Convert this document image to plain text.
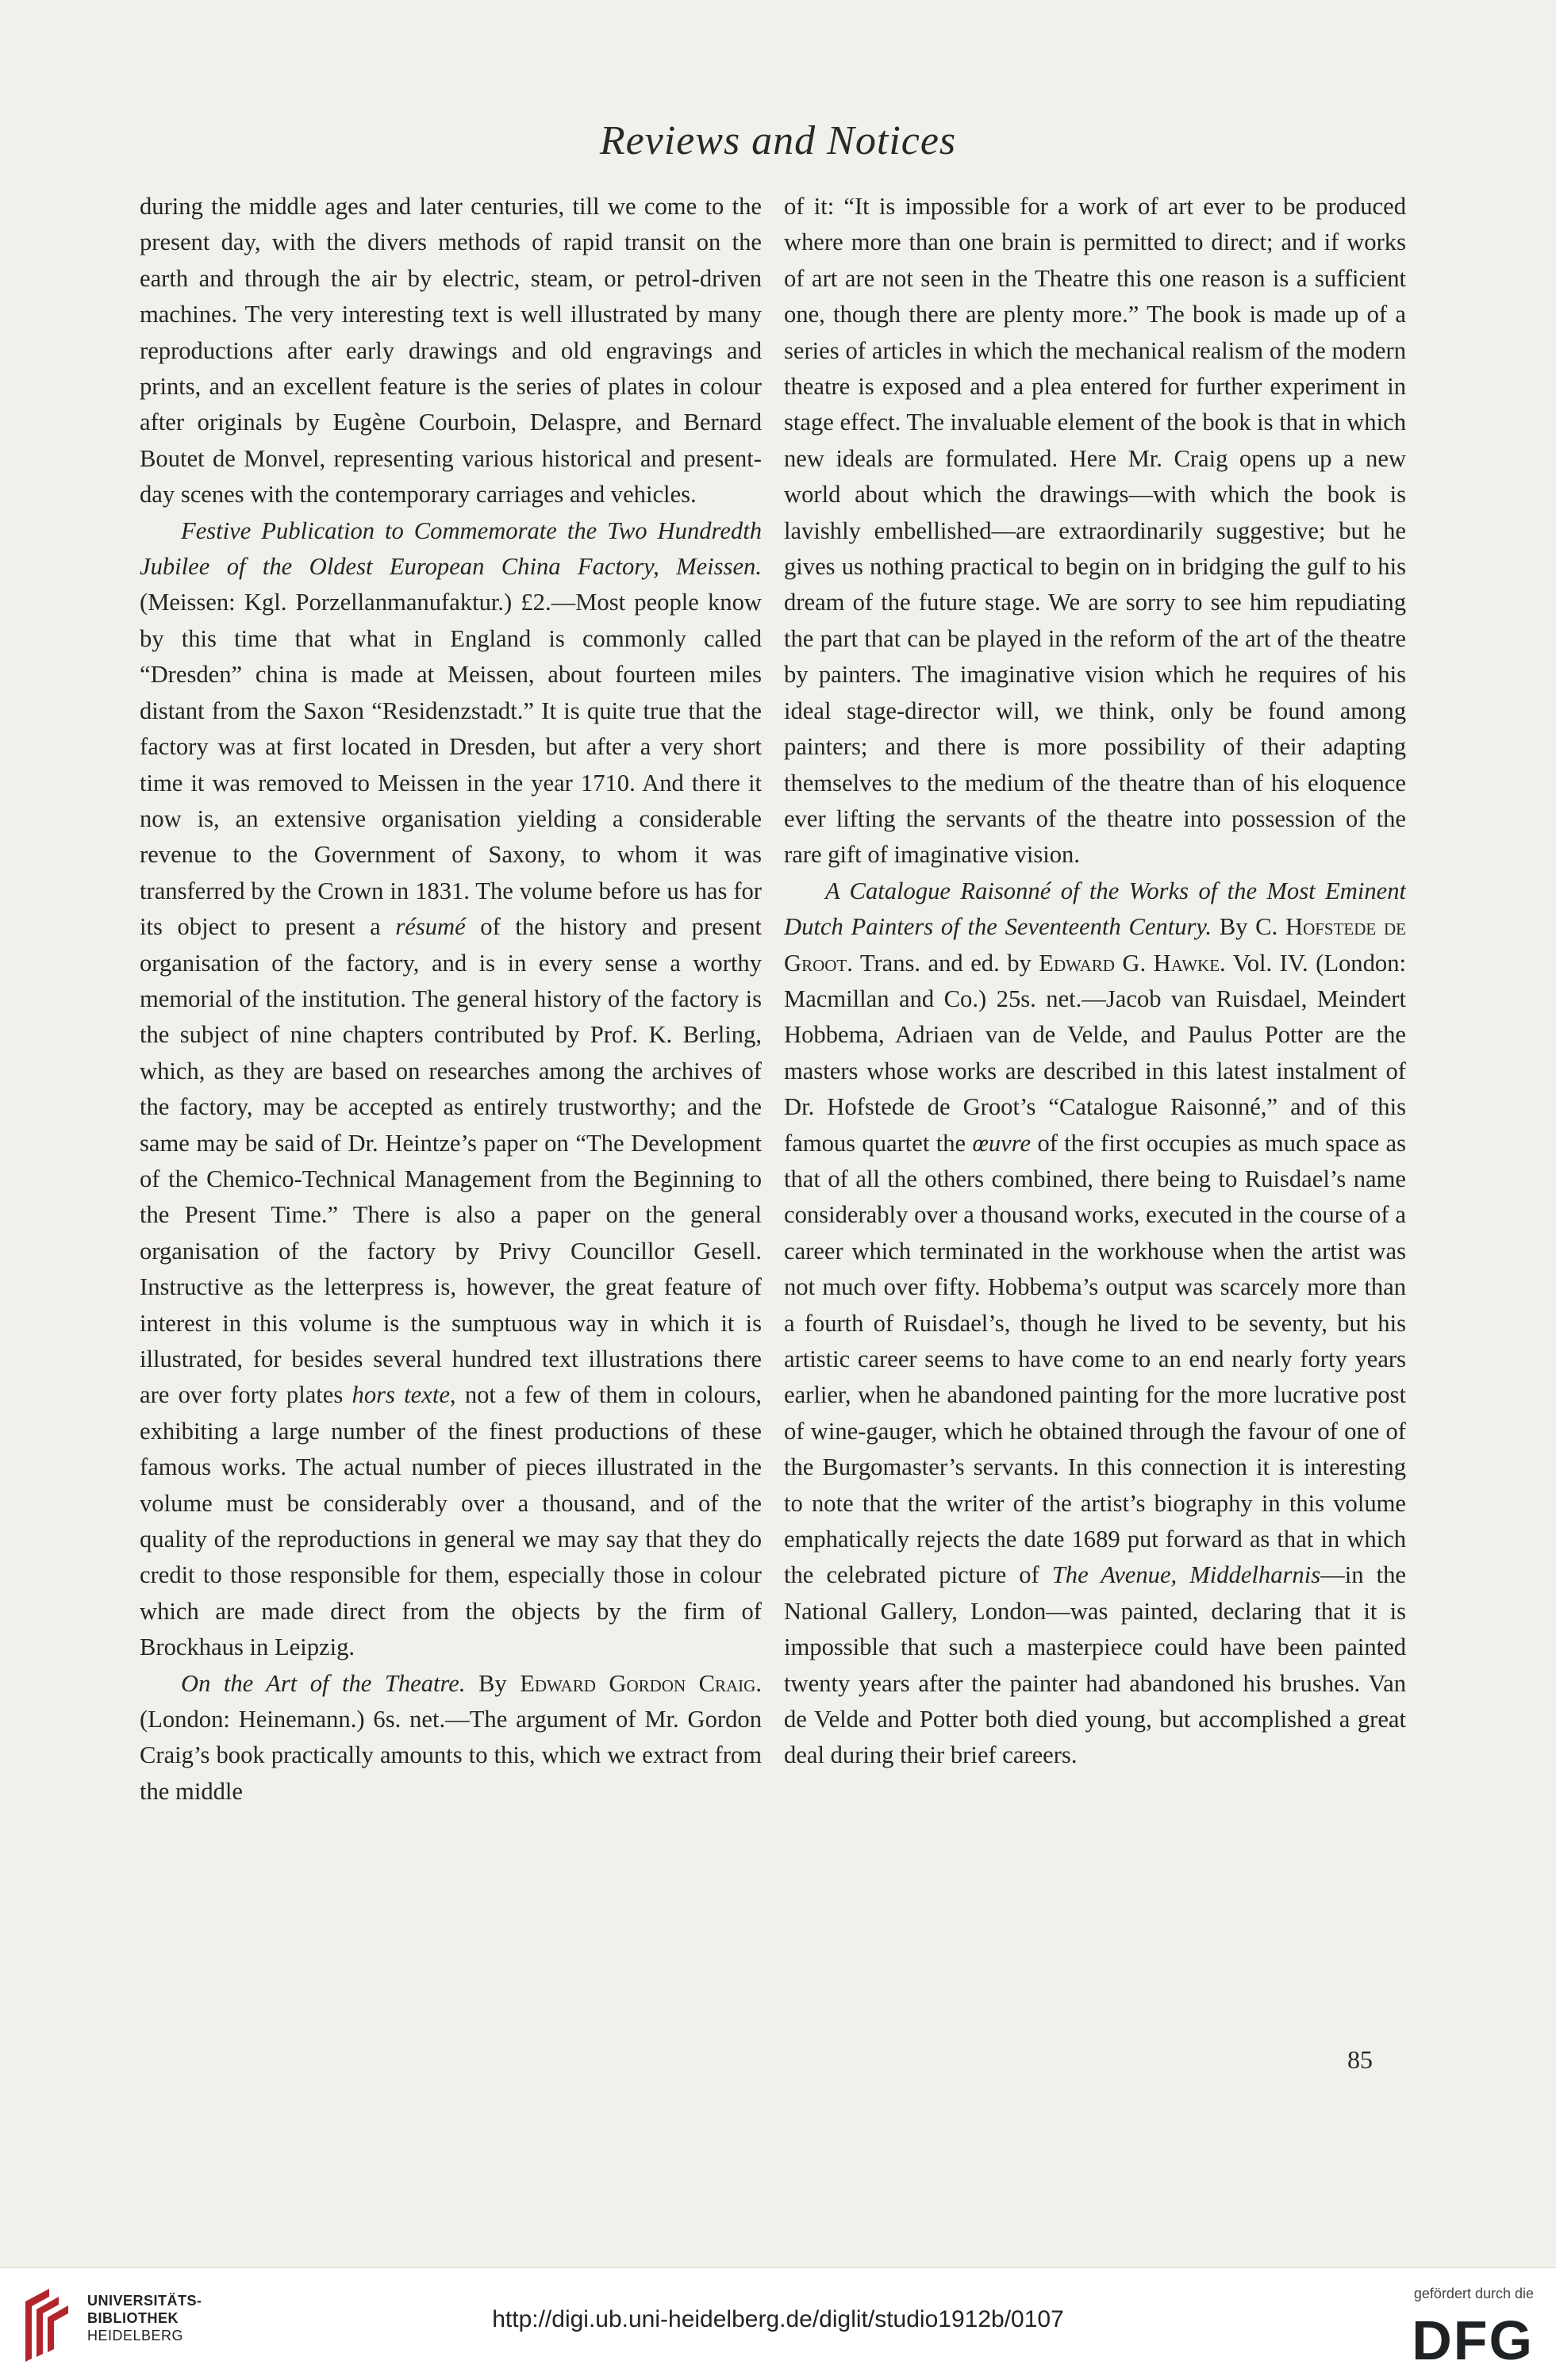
Reviews and Notices

during the middle ages and later centuries, till we come to the present day, with the divers methods of rapid transit on the earth and through the air by electric, steam, or petrol-driven machines. The very interesting text is well illustrated by many reproductions after early drawings and old engravings and prints, and an excellent feature is the series of plates in colour after originals by Eugène Courboin, Delaspre, and Bernard Boutet de Monvel, representing various historical and present-day scenes with the contemporary carriages and vehicles.

Festive Publication to Commemorate the Two Hundredth Jubilee of the Oldest European China Factory, Meissen. (Meissen: Kgl. Porzellanmanufaktur.) £2.—Most people know by this time that what in England is commonly called “Dresden” china is made at Meissen, about fourteen miles distant from the Saxon “Residenzstadt.” It is quite true that the factory was at first located in Dresden, but after a very short time it was removed to Meissen in the year 1710. And there it now is, an extensive organisation yielding a considerable revenue to the Government of Saxony, to whom it was transferred by the Crown in 1831. The volume before us has for its object to present a résumé of the history and present organisation of the factory, and is in every sense a worthy memorial of the institution. The general history of the factory is the subject of nine chapters contributed by Prof. K. Berling, which, as they are based on researches among the archives of the factory, may be accepted as entirely trustworthy; and the same may be said of Dr. Heintze’s paper on “The Development of the Chemico-Technical Management from the Beginning to the Present Time.” There is also a paper on the general organisation of the factory by Privy Councillor Gesell. Instructive as the letterpress is, however, the great feature of interest in this volume is the sumptuous way in which it is illustrated, for besides several hundred text illustrations there are over forty plates hors texte, not a few of them in colours, exhibiting a large number of the finest productions of these famous works. The actual number of pieces illustrated in the volume must be considerably over a thousand, and of the quality of the reproductions in general we may say that they do credit to those responsible for them, especially those in colour which are made direct from the objects by the firm of Brockhaus in Leipzig.

On the Art of the Theatre. By Edward Gordon Craig. (London: Heinemann.) 6s. net.—The argument of Mr. Gordon Craig’s book practically amounts to this, which we extract from the middle

of it: “It is impossible for a work of art ever to be produced where more than one brain is permitted to direct; and if works of art are not seen in the Theatre this one reason is a sufficient one, though there are plenty more.” The book is made up of a series of articles in which the mechanical realism of the modern theatre is exposed and a plea entered for further experiment in stage effect. The invaluable element of the book is that in which new ideals are formulated. Here Mr. Craig opens up a new world about which the drawings—with which the book is lavishly embellished—are extraordinarily suggestive; but he gives us nothing practical to begin on in bridging the gulf to his dream of the future stage. We are sorry to see him repudiating the part that can be played in the reform of the art of the theatre by painters. The imaginative vision which he requires of his ideal stage-director will, we think, only be found among painters; and there is more possibility of their adapting themselves to the medium of the theatre than of his eloquence ever lifting the servants of the theatre into possession of the rare gift of imaginative vision.

A Catalogue Raisonné of the Works of the Most Eminent Dutch Painters of the Seventeenth Century. By C. Hofstede de Groot. Trans. and ed. by Edward G. Hawke. Vol. IV. (London: Macmillan and Co.) 25s. net.—Jacob van Ruisdael, Meindert Hobbema, Adriaen van de Velde, and Paulus Potter are the masters whose works are described in this latest instalment of Dr. Hofstede de Groot’s “Catalogue Raisonné,” and of this famous quartet the œuvre of the first occupies as much space as that of all the others combined, there being to Ruisdael’s name considerably over a thousand works, executed in the course of a career which terminated in the workhouse when the artist was not much over fifty. Hobbema’s output was scarcely more than a fourth of Ruisdael’s, though he lived to be seventy, but his artistic career seems to have come to an end nearly forty years earlier, when he abandoned painting for the more lucrative post of wine-gauger, which he obtained through the favour of one of the Burgomaster’s servants. In this connection it is interesting to note that the writer of the artist’s biography in this volume emphatically rejects the date 1689 put forward as that in which the celebrated picture of The Avenue, Middelharnis—in the National Gallery, London—was painted, declaring that it is impossible that such a masterpiece could have been painted twenty years after the painter had abandoned his brushes. Van de Velde and Potter both died young, but accomplished a great deal during their brief careers.

85
UNIVERSITÄTS-
BIBLIOTHEK
HEIDELBERG
http://digi.ub.uni-heidelberg.de/diglit/studio1912b/0107
gefördert durch die
DFG
